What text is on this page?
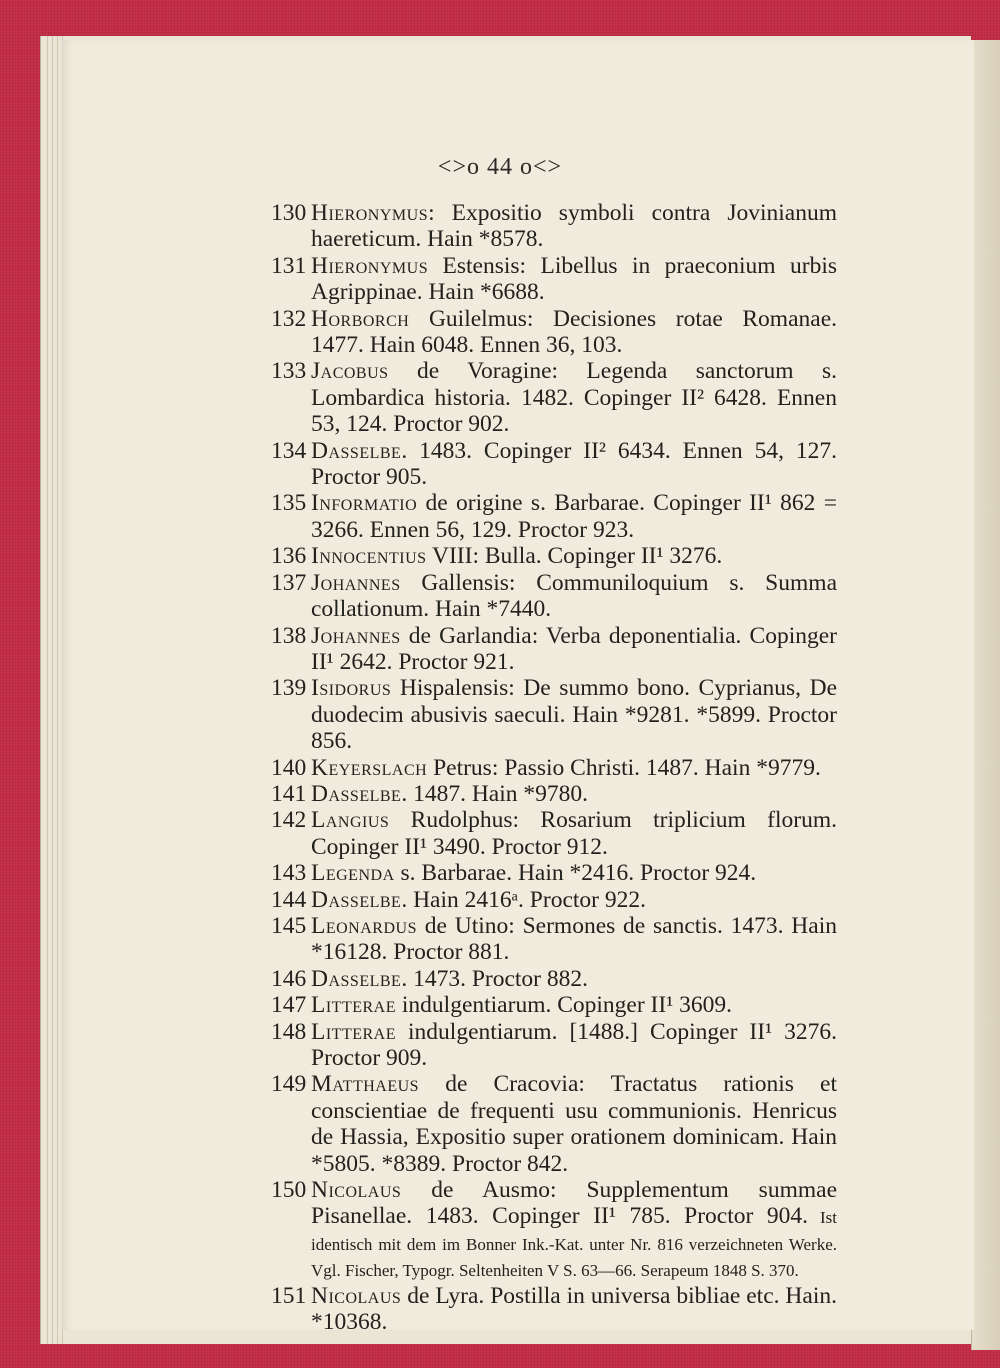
<>o 44 o<>
130 Hieronymus: Expositio symboli contra Jovinianum haereticum. Hain *8578.
131 Hieronymus Estensis: Libellus in praeconium urbis Agrippinae. Hain *6688.
132 Horborch Guilelmus: Decisiones rotae Romanae. 1477. Hain 6048. Ennen 36, 103.
133 Jacobus de Voragine: Legenda sanctorum s. Lombardica historia. 1482. Copinger II² 6428. Ennen 53, 124. Proctor 902.
134 Dasselbe. 1483. Copinger II² 6434. Ennen 54, 127. Proctor 905.
135 Informatio de origine s. Barbarae. Copinger II¹ 862 = 3266. Ennen 56, 129. Proctor 923.
136 Innocentius VIII: Bulla. Copinger II¹ 3276.
137 Johannes Gallensis: Communiloquium s. Summa collationum. Hain *7440.
138 Johannes de Garlandia: Verba deponentialia. Copinger II¹ 2642. Proctor 921.
139 Isidorus Hispalensis: De summo bono. Cyprianus, De duodecim abusivis saeculi. Hain *9281. *5899. Proctor 856.
140 Keyerslach Petrus: Passio Christi. 1487. Hain *9779.
141 Dasselbe. 1487. Hain *9780.
142 Langius Rudolphus: Rosarium triplicium florum. Copinger II¹ 3490. Proctor 912.
143 Legenda s. Barbarae. Hain *2416. Proctor 924.
144 Dasselbe. Hain 2416ᵃ. Proctor 922.
145 Leonardus de Utino: Sermones de sanctis. 1473. Hain *16128. Proctor 881.
146 Dasselbe. 1473. Proctor 882.
147 Litterae indulgentiarum. Copinger II¹ 3609.
148 Litterae indulgentiarum. [1488.] Copinger II¹ 3276. Proctor 909.
149 Matthaeus de Cracovia: Tractatus rationis et conscientiae de frequenti usu communionis. Henricus de Hassia, Expositio super orationem dominicam. Hain *5805. *8389. Proctor 842.
150 Nicolaus de Ausmo: Supplementum summae Pisanellae. 1483. Copinger II¹ 785. Proctor 904. Ist identisch mit dem im Bonner Ink.-Kat. unter Nr. 816 verzeichneten Werke. Vgl. Fischer, Typogr. Seltenheiten V S. 63—66. Serapeum 1848 S. 370.
151 Nicolaus de Lyra. Postilla in universa bibliae etc. Hain. *10368.
